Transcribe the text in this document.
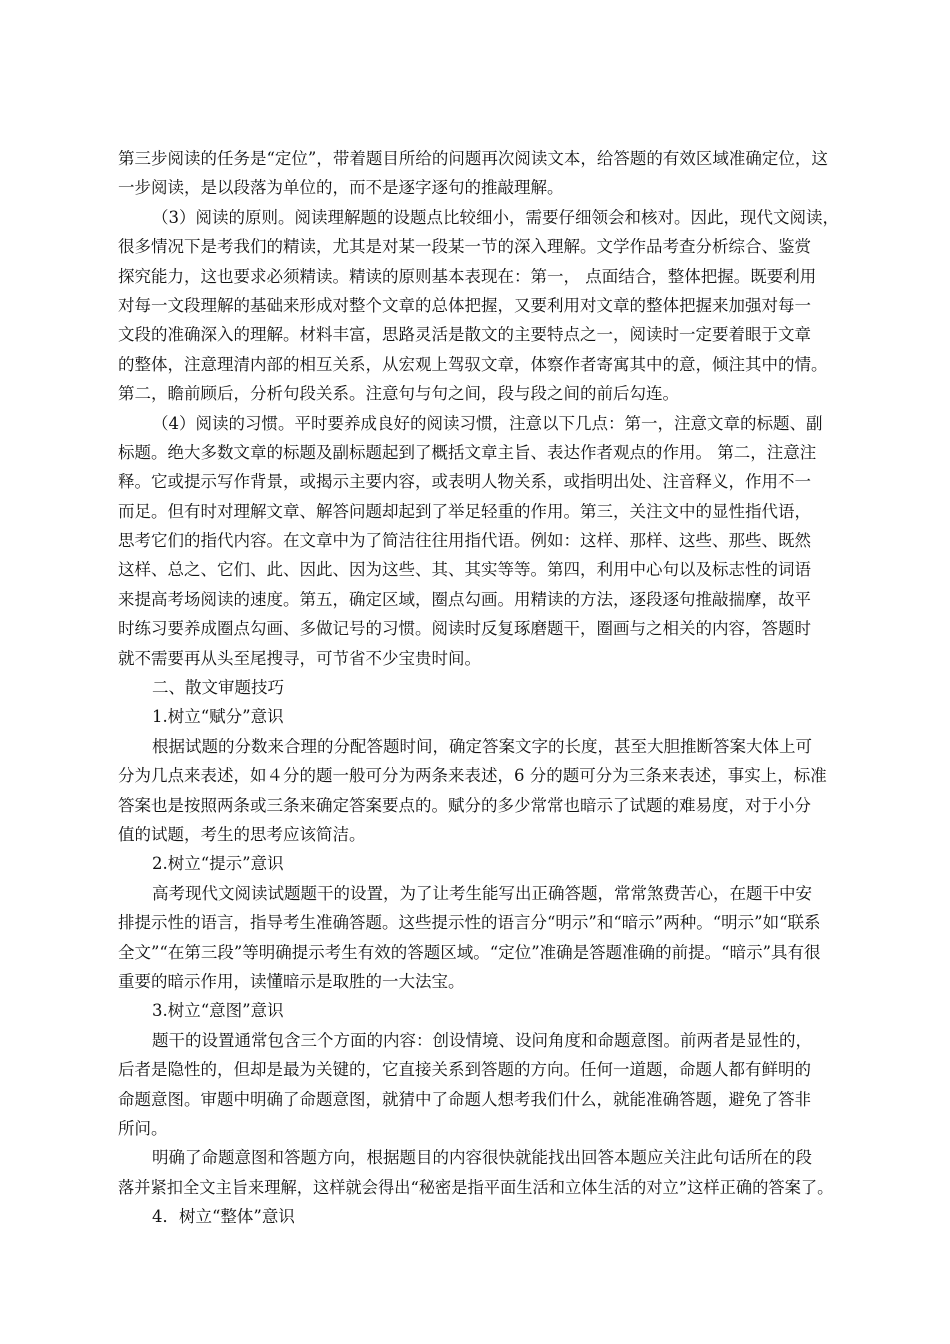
第三步阅读的任务是“定位”，带着题目所给的问题再次阅读文本，给答题的有效区域准确定位，这
一步阅读，是以段落为单位的，而不是逐字逐句的推敲理解。
（3）阅读的原则。阅读理解题的设题点比较细小，需要仔细领会和核对。因此，现代文阅读，
很多情况下是考我们的精读，尤其是对某一段某一节的深入理解。文学作品考查分析综合、鉴赏
探究能力，这也要求必须精读。精读的原则基本表现在：第一， 点面结合，整体把握。既要利用
对每一文段理解的基础来形成对整个文章的总体把握，又要利用对文章的整体把握来加强对每一
文段的准确深入的理解。材料丰富，思路灵活是散文的主要特点之一，阅读时一定要着眼于文章
的整体，注意理清内部的相互关系，从宏观上驾驭文章，体察作者寄寓其中的意，倾注其中的情。
第二，瞻前顾后，分析句段关系。注意句与句之间，段与段之间的前后勾连。
（4）阅读的习惯。平时要养成良好的阅读习惯，注意以下几点：第一，注意文章的标题、副
标题。绝大多数文章的标题及副标题起到了概括文章主旨、表达作者观点的作用。 第二，注意注
释。它或提示写作背景，或揭示主要内容，或表明人物关系，或指明出处、注音释义，作用不一
而足。但有时对理解文章、解答问题却起到了举足轻重的作用。第三，关注文中的显性指代语，
思考它们的指代内容。在文章中为了简洁往往用指代语。例如：这样、那样、这些、那些、既然
这样、总之、它们、此、因此、因为这些、其、其实等等。第四，利用中心句以及标志性的词语
来提高考场阅读的速度。第五，确定区域，圈点勾画。用精读的方法，逐段逐句推敲揣摩，故平
时练习要养成圈点勾画、多做记号的习惯。阅读时反复琢磨题干，圈画与之相关的内容，答题时
就不需要再从头至尾搜寻，可节省不少宝贵时间。
二、散文审题技巧
1.树立“赋分”意识
根据试题的分数来合理的分配答题时间，确定答案文字的长度，甚至大胆推断答案大体上可
分为几点来表述，如４分的题一般可分为两条来表述，6 分的题可分为三条来表述，事实上，标准
答案也是按照两条或三条来确定答案要点的。赋分的多少常常也暗示了试题的难易度，对于小分
值的试题，考生的思考应该简洁。
2.树立“提示”意识
高考现代文阅读试题题干的设置，为了让考生能写出正确答题，常常煞费苦心，在题干中安
排提示性的语言，指导考生准确答题。这些提示性的语言分“明示”和“暗示”两种。“明示”如“联系
全文”“在第三段”等明确提示考生有效的答题区域。“定位”准确是答题准确的前提。“暗示”具有很
重要的暗示作用，读懂暗示是取胜的一大法宝。
3.树立“意图”意识
题干的设置通常包含三个方面的内容：创设情境、设问角度和命题意图。前两者是显性的，
后者是隐性的，但却是最为关键的，它直接关系到答题的方向。任何一道题，命题人都有鲜明的
命题意图。审题中明确了命题意图，就猜中了命题人想考我们什么，就能准确答题，避免了答非
所问。
明确了命题意图和答题方向，根据题目的内容很快就能找出回答本题应关注此句话所在的段
落并紧扣全文主旨来理解，这样就会得出“秘密是指平面生活和立体生活的对立”这样正确的答案了。
4．树立“整体”意识
